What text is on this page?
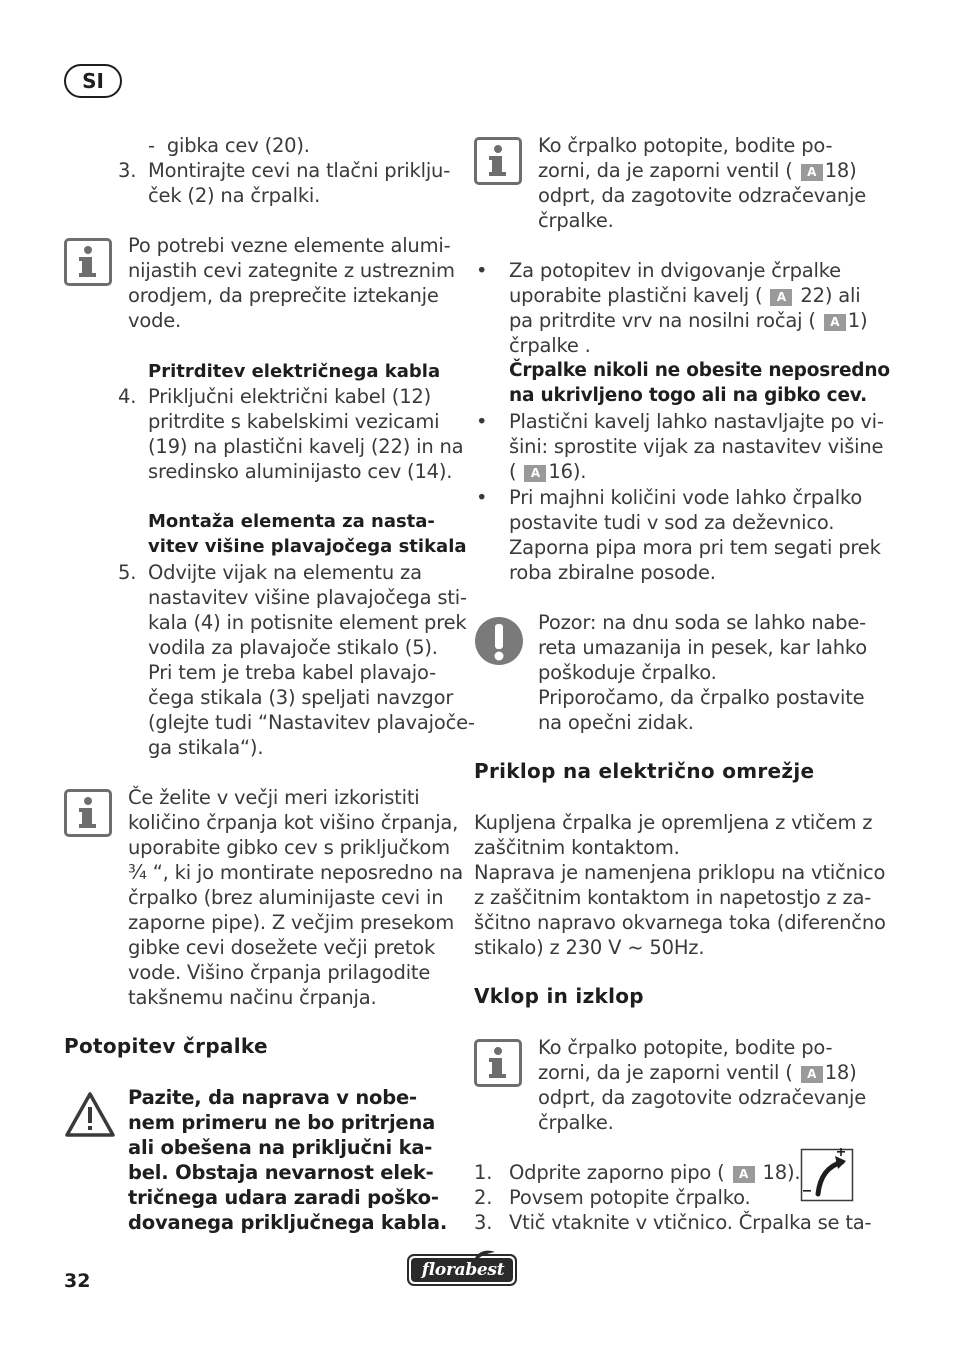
SI
- gibka cev (20).
3. Montirajte cevi na tlačni priklju-
ček (2) na črpalki.
Po potrebi vezne elemente alumi-
nijastih cevi zategnite z ustreznim
orodjem, da preprečite iztekanje
vode.
Pritrditev električnega kabla
4. Priključni električni kabel (12)
pritrdite s kabelskimi vezicami
(19) na plastični kavelj (22) in na
sredinsko aluminijasto cev (14).
Montaža elementa za nasta-
vitev višine plavajočega stikala
5. Odvijte vijak na elementu za
nastavitev višine plavajočega sti-
kala (4) in potisnite element prek
vodila za plavajoče stikalo (5).
Pri tem je treba kabel plavajo-
čega stikala (3) speljati navzgor
(glejte tudi “Nastavitev plavajoče-
ga stikala“).
Če želite v večji meri izkoristiti
količino črpanja kot višino črpanja,
uporabite gibko cev s priključkom
¾ “, ki jo montirate neposredno na
črpalko (brez aluminijaste cevi in
zaporne pipe). Z večjim presekom
gibke cevi dosežete večji pretok
vode. Višino črpanja prilagodite
takšnemu načinu črpanja.
Potopitev črpalke
Pazite, da naprava v nobe-
nem primeru ne bo pritrjena
ali obešena na priključni ka-
bel. Obstaja nevarnost elek-
tričnega udara zaradi poško-
dovanega priključnega kabla.
Ko črpalko potopite, bodite po-
zorni, da je zaporni ventil ( A 18)
odprt, da zagotovite odzračevanje
črpalke.
• Za potopitev in dvigovanje črpalke
uporabite plastični kavelj ( A 22) ali
pa pritrdite vrv na nosilni ročaj ( A 1)
črpalke .
Črpalke nikoli ne obesite neposredno
na ukrivljeno togo ali na gibko cev.
• Plastični kavelj lahko nastavljajte po vi-
šini: sprostite vijak za nastavitev višine
( A 16).
• Pri majhni količini vode lahko črpalko
postavite tudi v sod za deževnico.
Zaporna pipa mora pri tem segati prek
roba zbiralne posode.
Pozor: na dnu soda se lahko nabe-
reta umazanija in pesek, kar lahko
poškoduje črpalko.
Priporočamo, da črpalko postavite
na opečni zidak.
Priklop na električno omrežje
Kupljena črpalka je opremljena z vtičem z
zaščitnim kontaktom.
Naprava je namenjena priklopu na vtičnico
z zaščitnim kontaktom in napetostjo z za-
ščitno napravo okvarnega toka (diferenčno
stikalo) z 230 V ~ 50Hz.
Vklop in izklop
Ko črpalko potopite, bodite po-
zorni, da je zaporni ventil ( A 18)
odprt, da zagotovite odzračevanje
črpalke.
1. Odprite zaporno pipo ( A 18).
2. Povsem potopite črpalko.
3. Vtič vtaknite v vtičnico. Črpalka se ta-
32	florabest
